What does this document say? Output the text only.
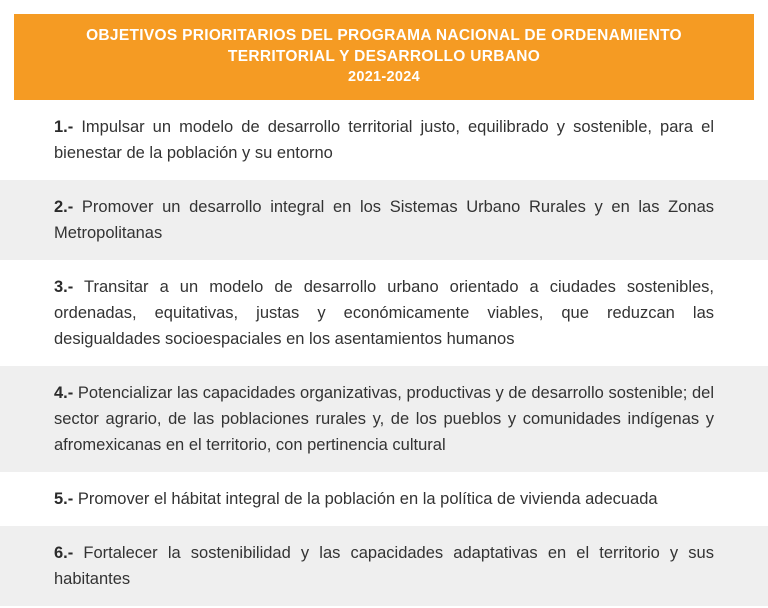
OBJETIVOS PRIORITARIOS DEL PROGRAMA NACIONAL DE ORDENAMIENTO
TERRITORIAL Y DESARROLLO URBANO
2021-2024
1.- Impulsar un modelo de desarrollo territorial justo, equilibrado y sostenible, para el bienestar de la población y su entorno
2.- Promover un desarrollo integral en los Sistemas Urbano Rurales y en las Zonas Metropolitanas
3.- Transitar a un modelo de desarrollo urbano orientado a ciudades sostenibles, ordenadas, equitativas, justas y económicamente viables, que reduzcan las desigualdades socioespaciales en los asentamientos humanos
4.- Potencializar las capacidades organizativas, productivas y de desarrollo sostenible; del sector agrario, de las poblaciones rurales y, de los pueblos y comunidades indígenas y afromexicanas en el territorio, con pertinencia cultural
5.- Promover el hábitat integral de la población en la política de vivienda adecuada
6.- Fortalecer la sostenibilidad y las capacidades adaptativas en el territorio y sus habitantes
